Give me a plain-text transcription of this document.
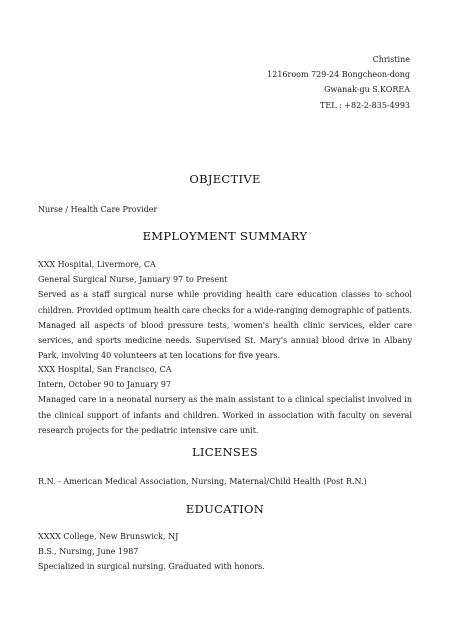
Christine
1216room 729-24 Bongcheon-dong
Gwanak-gu S.KOREA
TEL : +82-2-835-4993
OBJECTIVE
Nurse / Health Care Provider
EMPLOYMENT SUMMARY
XXX Hospital, Livermore, CA
General Surgical Nurse, January 97 to Present
Served as a staff surgical nurse while providing health care education classes to school children. Provided optimum health care checks for a wide-ranging demographic of patients. Managed all aspects of blood pressure tests, women's health clinic services, elder care services, and sports medicine needs. Supervised St. Mary's annual blood drive in Albany Park, involving 40 volunteers at ten locations for five years.
XXX Hospital, San Francisco, CA
Intern, October 90 to January 97
Managed care in a neonatal nursery as the main assistant to a clinical specialist involved in the clinical support of infants and children. Worked in association with faculty on several research projects for the pediatric intensive care unit.
LICENSES
R.N. - American Medical Association, Nursing, Maternal/Child Health (Post R.N.)
EDUCATION
XXXX College, New Brunswick, NJ
B.S., Nursing, June 1987
Specialized in surgical nursing. Graduated with honors.
